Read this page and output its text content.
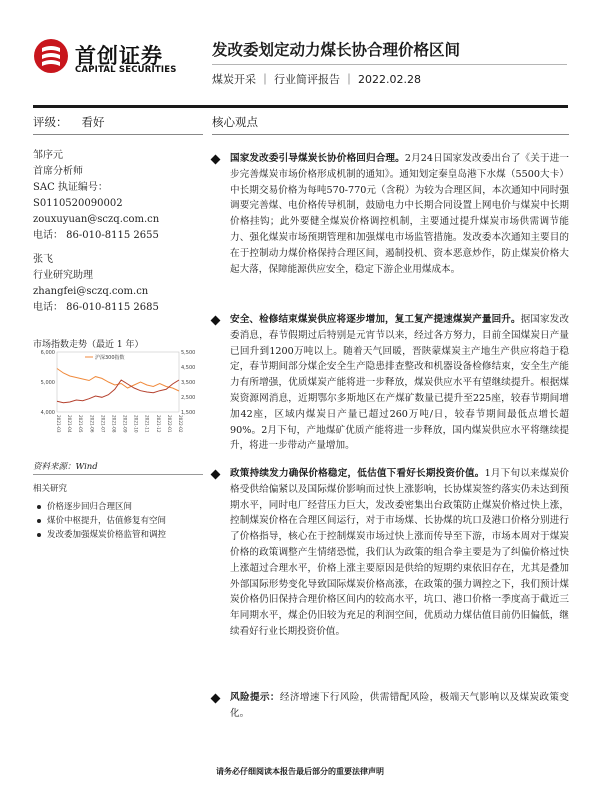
首创证券
CAPITAL SECURITIES
发改委划定动力煤长协合理价格区间
煤炭开采 ｜ 行业简评报告 ｜ 2022.02.28
评级： 看好	核心观点
邹序元
首席分析师
SAC 执证编号：
S0110520090002
zouxuyuan@sczq.com.cn
电话： 86-010-8115 2655
张飞
行业研究助理
zhangfei@sczq.com.cn
电话： 86-010-8115 2685
市场指数走势（最近 1 年）
6,000
5,000
4,000
5,500
4,500
3,500
2,500
1,500
2021-03 2021-04 2021-05 2021-06 2021-07 2021-08 2021-09 2021-10 2021-11 2021-12 2022-01 2022-02
沪深300指数
资料来源：Wind
相关研究
价格逐步回归合理区间
煤价中枢提升，估值修复有空间
发改委加强煤炭价格监管和调控
国家发改委引导煤炭长协价格回归合理。2月24日国家发改委出台了《关于进一步完善煤炭市场价格形成机制的通知》。通知划定秦皇岛港下水煤（5500大卡）中长期交易价格为每吨570-770元（含税）为较为合理区间，本次通知中同时强调要完善煤、电价格传导机制，鼓励电力中长期合同设置上网电价与煤炭中长期价格挂钩；此外要健全煤炭价格调控机制，主要通过提升煤炭市场供需调节能力、强化煤炭市场预期管理和加强煤电市场监管措施。发改委本次通知主要目的在于控制动力煤价格保持合理区间，遏制投机、资本恶意炒作，防止煤炭价格大起大落，保障能源供应安全，稳定下游企业用煤成本。
安全、检修结束煤炭供应将逐步增加，复工复产提速煤炭产量回升。据国家发改委消息，春节假期过后特别是元宵节以来，经过各方努力，目前全国煤炭日产量已回升到1200万吨以上。随着天气回暖，晋陕蒙煤炭主产地生产供应将趋于稳定，春节期间部分煤企安全生产隐患排查整改和机器设备检修结束，安全生产能力有所增强，优质煤炭产能将进一步释放，煤炭供应水平有望继续提升。根据煤炭资源网消息，近期鄂尔多斯地区在产煤矿数量已提升至225座，较春节期间增加42座，区域内煤炭日产量已超过260万吨/日，较春节期间最低点增长超90%。2月下旬，产地煤矿优质产能将进一步释放，国内煤炭供应水平将继续提升，将进一步带动产量增加。
政策持续发力确保价格稳定，低估值下看好长期投资价值。1月下旬以来煤炭价格受供给偏紧以及国际煤价影响而过快上涨影响，长协煤炭签约落实仍未达到预期水平，同时电厂经营压力巨大，发改委密集出台政策防止煤炭价格过快上涨，控制煤炭价格在合理区间运行，对于市场煤、长协煤的坑口及港口价格分别进行了价格指导，核心在于控制煤炭市场过快上涨而传导至下游，市场本周对于煤炭价格的政策调整产生情绪恐慌，我们认为政策的组合拳主要是为了纠偏价格过快上涨超过合理水平，价格上涨主要原因是供给的短期约束依旧存在，尤其是叠加外部国际形势变化导致国际煤炭价格高涨，在政策的强力调控之下，我们预计煤炭价格仍旧保持合理价格区间内的较高水平，坑口、港口价格一季度高于截近三年同期水平，煤企仍旧较为充足的利润空间，优质动力煤估值目前仍旧偏低，继续看好行业长期投资价值。
风险提示：经济增速下行风险，供需错配风险，极端天气影响以及煤炭政策变化。
请务必仔细阅读本报告最后部分的重要法律声明
